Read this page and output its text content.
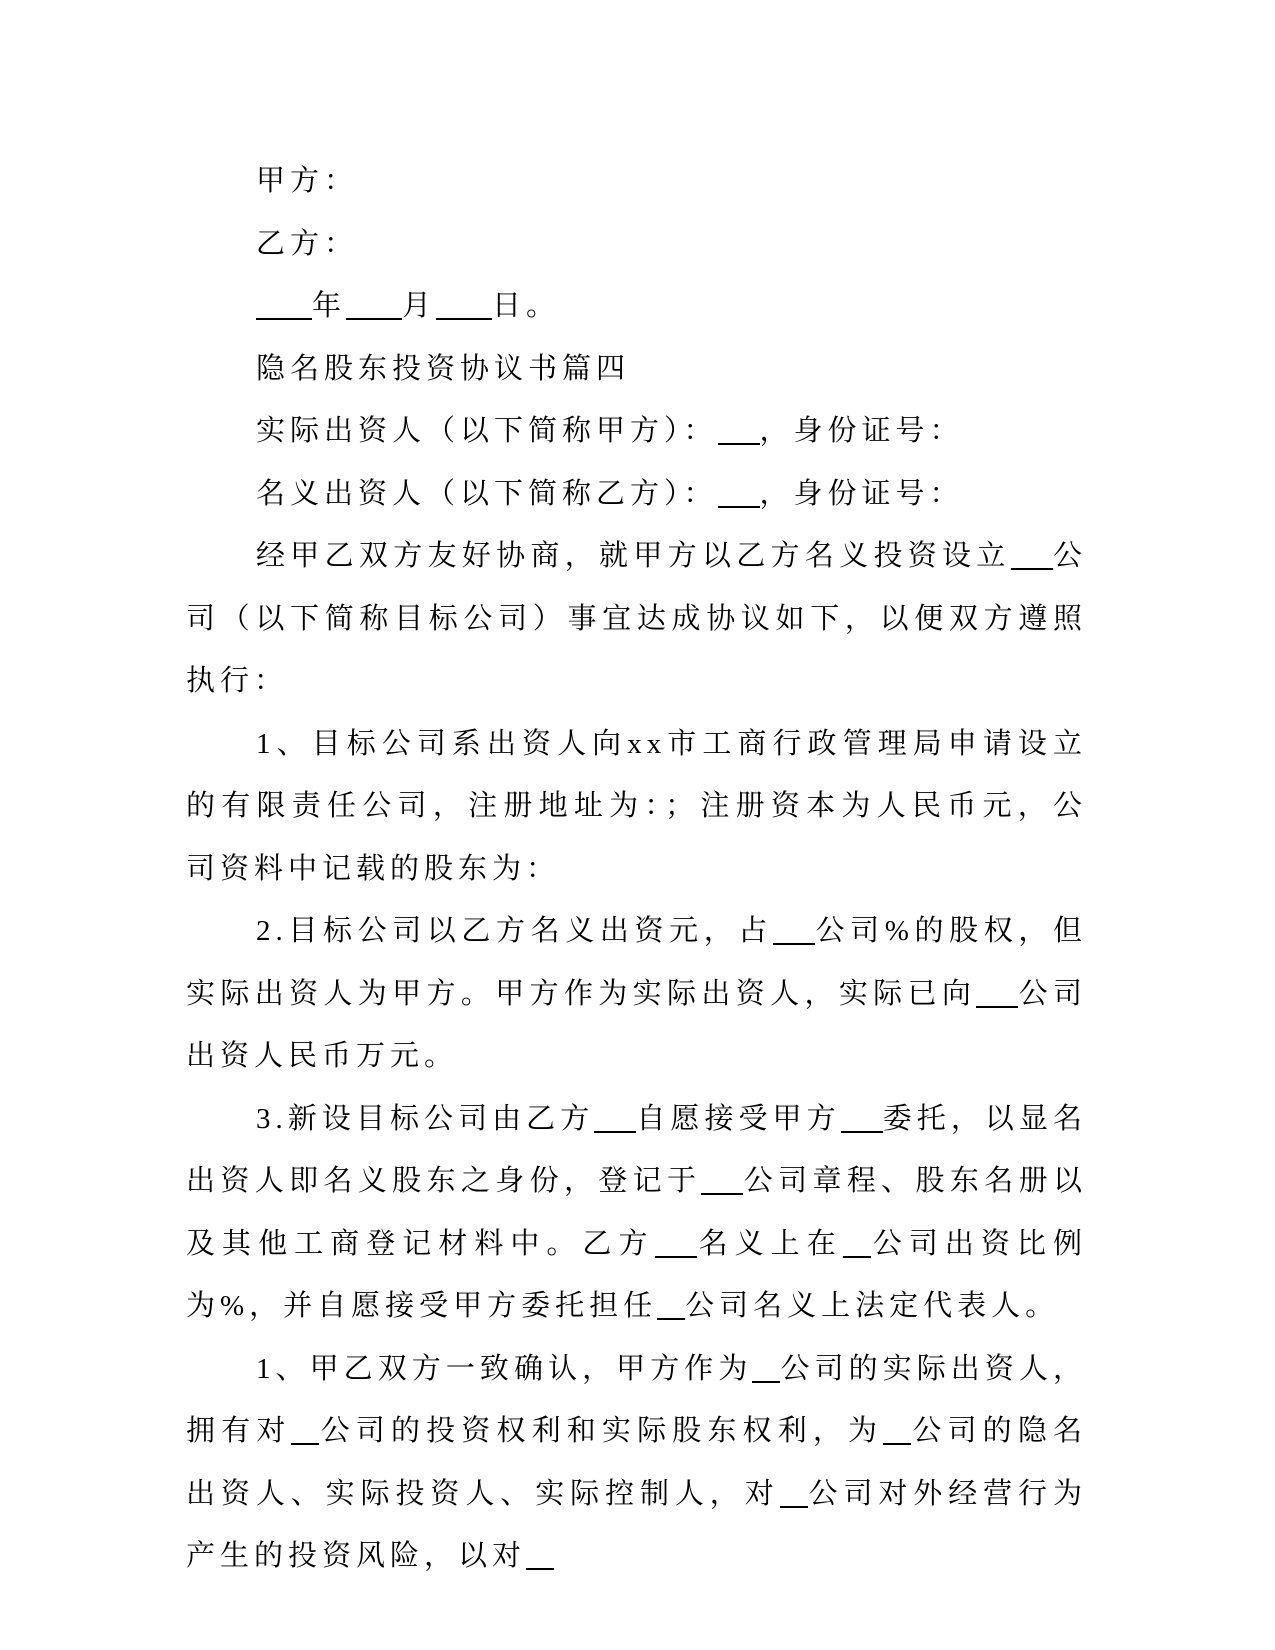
甲方：

乙方：

年 月 日。

隐名股东投资协议书篇四

实际出资人（以下简称甲方）： ，身份证号：

名义出资人（以下简称乙方）： ，身份证号：

经甲乙双方友好协商，就甲方以乙方名义投资设立 公司（以下简称目标公司）事宜达成协议如下，以便双方遵照执行：

1、目标公司系出资人向xx市工商行政管理局申请设立的有限责任公司，注册地址为：；注册资本为人民币元，公司资料中记载的股东为：

2.目标公司以乙方名义出资元，占 公司%的股权，但实际出资人为甲方。甲方作为实际出资人，实际已向 公司出资人民币万元。

3.新设目标公司由乙方 自愿接受甲方 委托，以显名出资人即名义股东之身份，登记于 公司章程、股东名册以及其他工商登记材料中。乙方 名义上在 公司出资比例为%，并自愿接受甲方委托担任 公司名义上法定代表人。

1、甲乙双方一致确认，甲方作为 公司的实际出资人，拥有对 公司的投资权利和实际股东权利，为 公司的隐名出资人、实际投资人、实际控制人，对 公司对外经营行为产生的投资风险，以对
